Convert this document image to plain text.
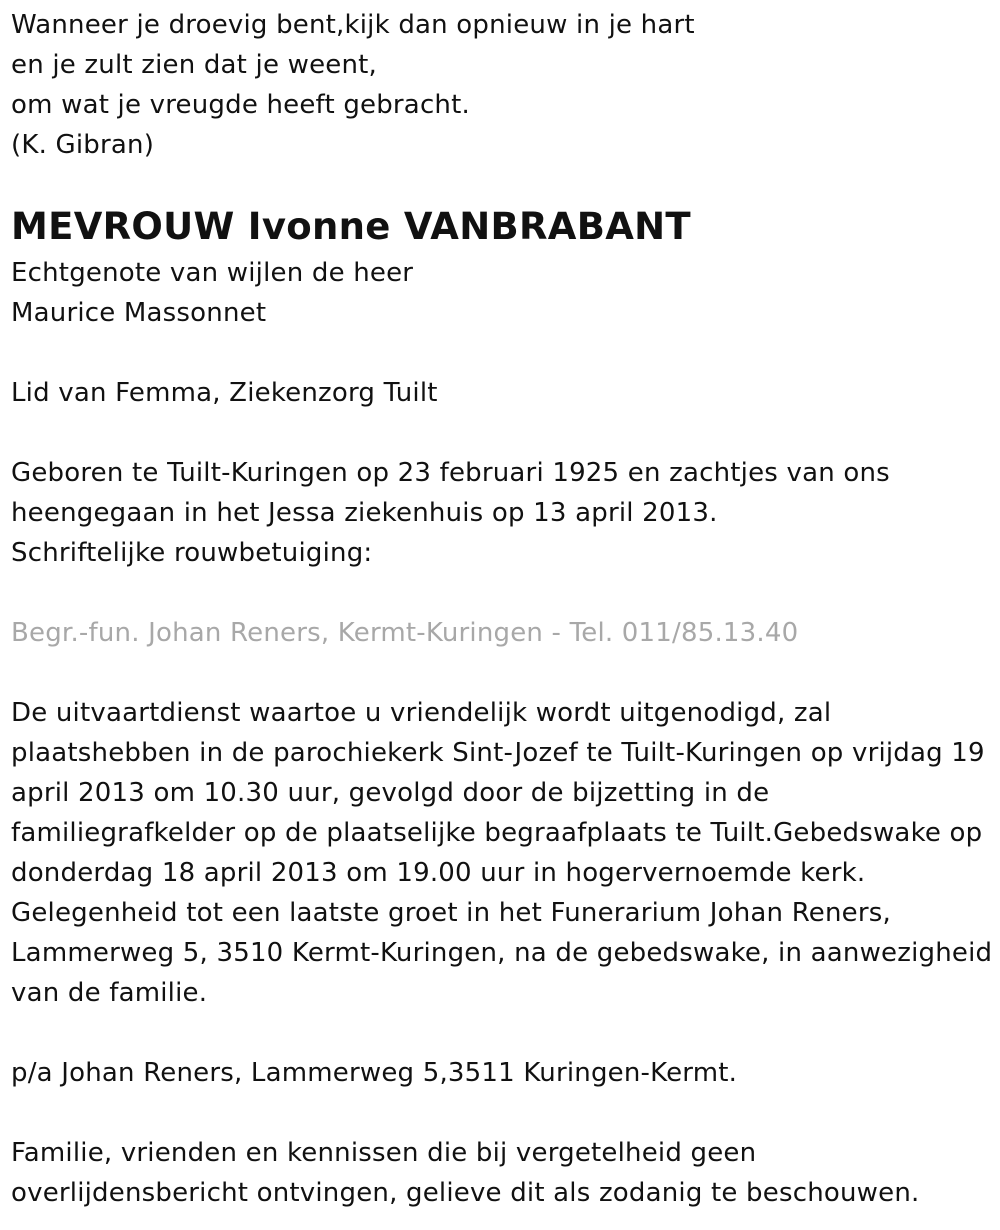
Wanneer je droevig bent,kijk dan opnieuw in je hart
en je zult zien dat je weent,
om wat je vreugde heeft gebracht.
(K. Gibran)
MEVROUW Ivonne VANBRABANT
Echtgenote van wijlen de heer
Maurice Massonnet
Lid van Femma, Ziekenzorg Tuilt
Geboren te Tuilt-Kuringen op 23 februari 1925 en zachtjes van ons
heengegaan in het Jessa ziekenhuis op 13 april 2013.
Schriftelijke rouwbetuiging:
Begr.-fun. Johan Reners, Kermt-Kuringen - Tel. 011/85.13.40
De uitvaartdienst waartoe u vriendelijk wordt uitgenodigd, zal
plaatshebben in de parochiekerk Sint-Jozef te Tuilt-Kuringen op vrijdag 19
april 2013 om 10.30 uur, gevolgd door de bijzetting in de
familiegrafkelder op de plaatselijke begraafplaats te Tuilt.Gebedswake op
donderdag 18 april 2013 om 19.00 uur in hogervernoemde kerk.
Gelegenheid tot een laatste groet in het Funerarium Johan Reners,
Lammerweg 5, 3510 Kermt-Kuringen, na de gebedswake, in aanwezigheid
van de familie.
p/a Johan Reners, Lammerweg 5,3511 Kuringen-Kermt.
Familie, vrienden en kennissen die bij vergetelheid geen
overlijdensbericht ontvingen, gelieve dit als zodanig te beschouwen.
